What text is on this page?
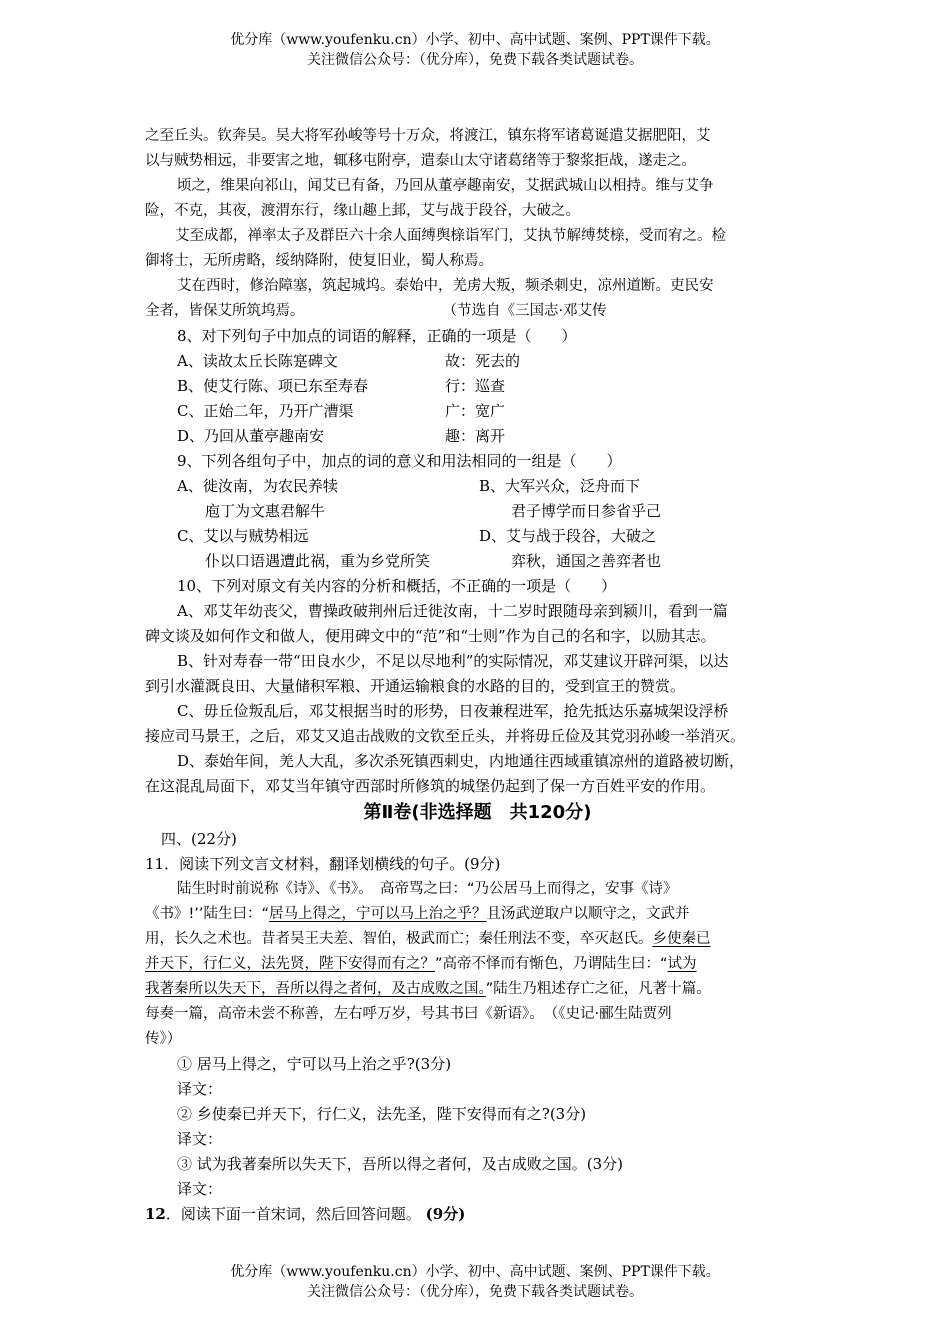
优分库（www.youfenku.cn）小学、初中、高中试题、案例、PPT课件下载。
关注微信公众号：（优分库），免费下载各类试题试卷。
之至丘头。钦奔吴。吴大将军孙峻等号十万众，将渡江，镇东将军诸葛诞遣艾据肥阳，艾
以与贼势相远，非要害之地，辄移屯附亭，遣泰山太守诸葛绪等于黎浆拒战，遂走之。
顷之，维果向祁山，闻艾已有备，乃回从董亭趣南安，艾据武城山以相持。维与艾争
险，不克，其夜，渡渭东行，缘山趣上邽，艾与战于段谷，大破之。
艾至成都，禅率太子及群臣六十余人面缚舆榇诣军门，艾执节解缚焚榇，受而宥之。检
御将士，无所虏略，绥纳降附，使复旧业，蜀人称焉。
艾在西时，修治障塞，筑起城坞。泰始中，羌虏大叛，频杀刺史，凉州道断。吏民安
全者，皆保艾所筑坞焉。	（节选自《三国志·邓艾传
8、对下列句子中加点的词语的解释，正确的一项是（　　）
A、读故太丘长陈寔碑文	故：死去的
B、使艾行陈、项已东至寿春	行：巡查
C、正始二年，乃开广漕渠	广：宽广
D、乃回从董亭趣南安	趣：离开
9、下列各组句子中，加点的词的意义和用法相同的一组是（　　）
A、徙汝南，为农民养犊	B、大军兴众，泛舟而下
庖丁为文惠君解牛	君子博学而日参省乎己
C、艾以与贼势相远	D、艾与战于段谷，大破之
仆以口语遇遭此祸，重为乡党所笑	弈秋，通国之善弈者也
10、下列对原文有关内容的分析和概括，不正确的一项是（　　）
A、邓艾年幼丧父，曹操政破荆州后迁徙汝南，十二岁时跟随母亲到颍川，看到一篇
碑文谈及如何作文和做人，便用碑文中的“范”和“士则”作为自己的名和字，以励其志。
B、针对寿春一带“田良水少，不足以尽地利”的实际情况，邓艾建议开辟河渠，以达
到引水灌溉良田、大量储积军粮、开通运输粮食的水路的目的，受到宣王的赞赏。
C、毋丘俭叛乱后，邓艾根据当时的形势，日夜兼程进军，抢先抵达乐嘉城架设浮桥
接应司马景王，之后，邓艾又追击战败的文钦至丘头，并将毋丘俭及其党羽孙峻一举消灭。
D、泰始年间，羌人大乱，多次杀死镇西刺史，内地通往西域重镇凉州的道路被切断，
在这混乱局面下，邓艾当年镇守西部时所修筑的城堡仍起到了保一方百姓平安的作用。
第Ⅱ卷(非选择题　共120分)
四、(22分)
11．阅读下列文言文材料，翻译划横线的句子。(9分)
陆生时时前说称《诗》、《书》。　高帝骂之曰：“乃公居马上而得之，安事《诗》
《书》!’’陆生曰：“居马上得之，宁可以马上治之乎？且汤武逆取户以顺守之，文武并
用，长久之术也。昔者吴王夫差、智伯，极武而亡；秦任刑法不变，卒灭赵氏。乡使秦已
并天下，行仁义，法先贤，陛下安得而有之？”高帝不怿而有惭色，乃谓陆生曰：“试为
我著秦所以失天下，吾所以得之者何，及古成败之国。”陆生乃粗述存亡之征，凡著十篇。
每奏一篇，高帝未尝不称善，左右呼万岁，号其书曰《新语》。　（《史记·郦生陆贾列
传》）
① 居马上得之，宁可以马上治之乎?(3分)
译文：
② 乡使秦已并天下，行仁义，法先圣，陛下安得而有之?(3分)
译文：
③ 试为我著秦所以失天下，吾所以得之者何，及古成败之国。(3分)
译文：
12．阅读下面一首宋词，然后回答问题。 (9分)
优分库（www.youfenku.cn）小学、初中、高中试题、案例、PPT课件下载。
关注微信公众号：（优分库），免费下载各类试题试卷。
